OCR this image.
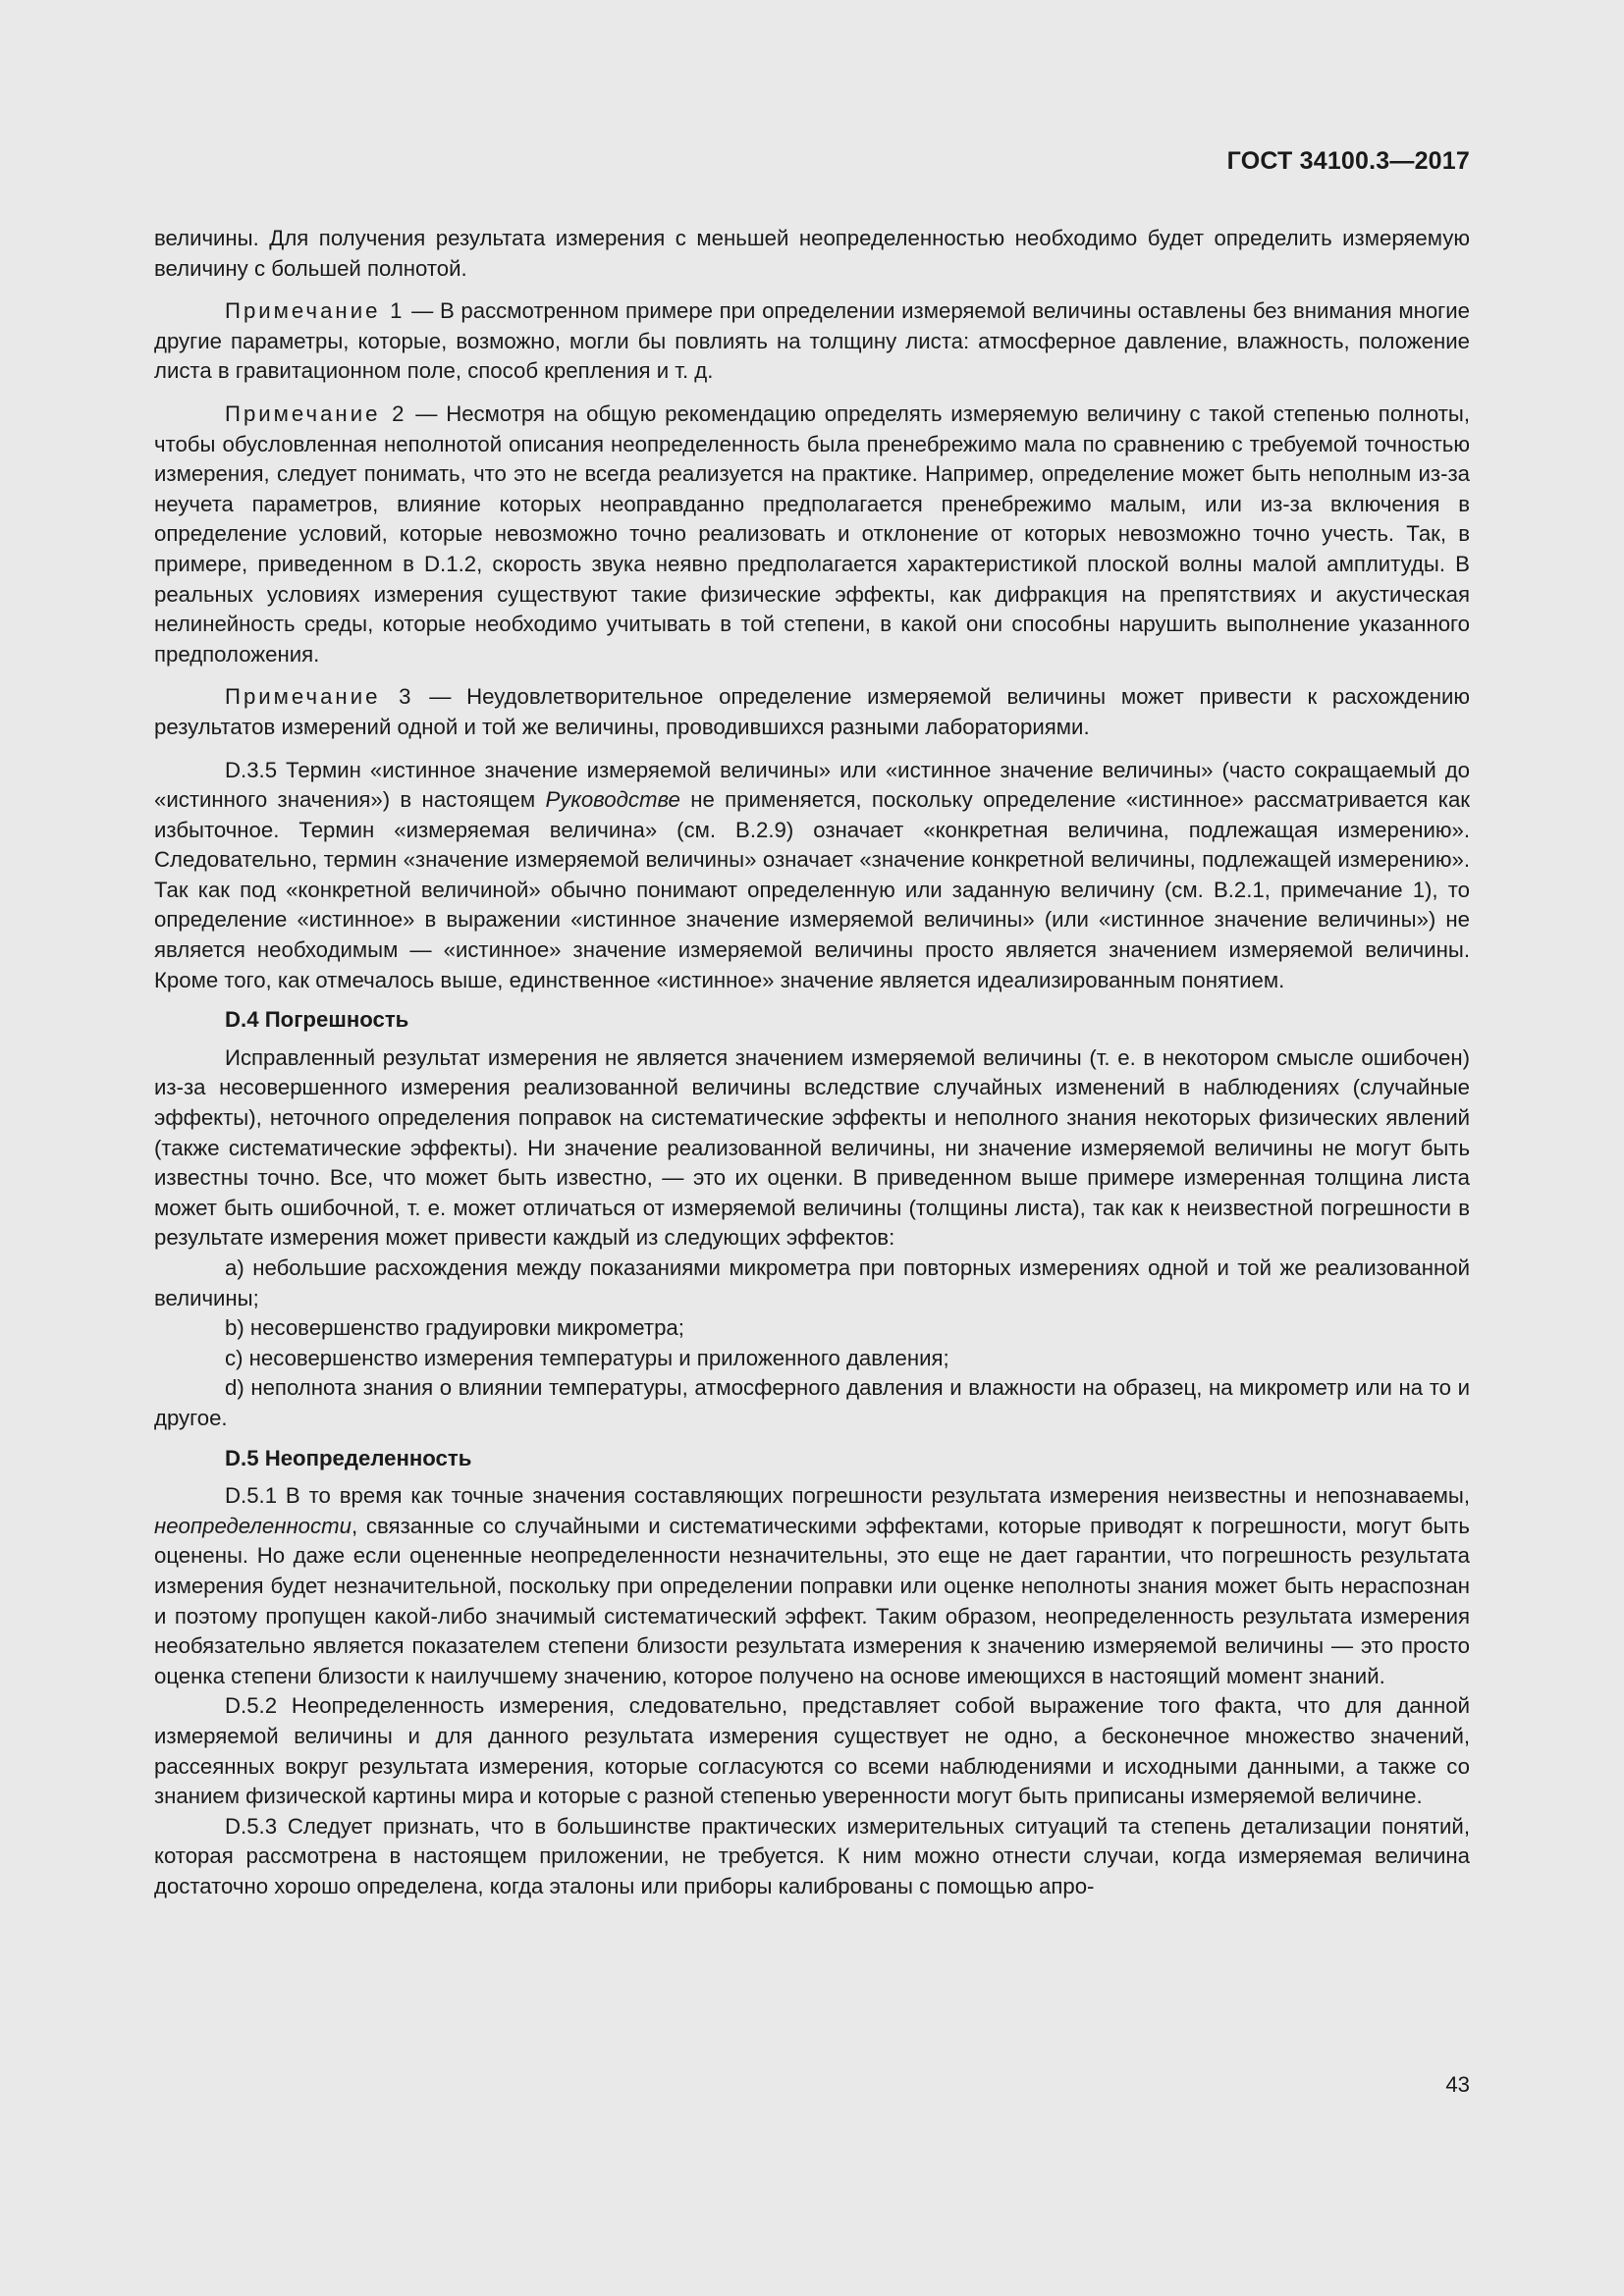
ГОСТ 34100.3—2017

величины. Для получения результата измерения с меньшей неопределенностью необходимо будет определить измеряемую величину с большей полнотой.

Примечание 1 — В рассмотренном примере при определении измеряемой величины оставлены без внимания многие другие параметры, которые, возможно, могли бы повлиять на толщину листа: атмосферное давление, влажность, положение листа в гравитационном поле, способ крепления и т. д.

Примечание 2 — Несмотря на общую рекомендацию определять измеряемую величину с такой степенью полноты, чтобы обусловленная неполнотой описания неопределенность была пренебрежимо мала по сравнению с требуемой точностью измерения, следует понимать, что это не всегда реализуется на практике. Например, определение может быть неполным из-за неучета параметров, влияние которых неоправданно предполагается пренебрежимо малым, или из-за включения в определение условий, которые невозможно точно реализовать и отклонение от которых невозможно точно учесть. Так, в примере, приведенном в D.1.2, скорость звука неявно предполагается характеристикой плоской волны малой амплитуды. В реальных условиях измерения существуют такие физические эффекты, как дифракция на препятствиях и акустическая нелинейность среды, которые необходимо учитывать в той степени, в какой они способны нарушить выполнение указанного предположения.

Примечание 3 — Неудовлетворительное определение измеряемой величины может привести к расхождению результатов измерений одной и той же величины, проводившихся разными лабораториями.

D.3.5 Термин «истинное значение измеряемой величины» или «истинное значение величины» (часто сокращаемый до «истинного значения») в настоящем Руководстве не применяется, поскольку определение «истинное» рассматривается как избыточное. Термин «измеряемая величина» (см. B.2.9) означает «конкретная величина, подлежащая измерению». Следовательно, термин «значение измеряемой величины» означает «значение конкретной величины, подлежащей измерению». Так как под «конкретной величиной» обычно понимают определенную или заданную величину (см. B.2.1, примечание 1), то определение «истинное» в выражении «истинное значение измеряемой величины» (или «истинное значение величины») не является необходимым — «истинное» значение измеряемой величины просто является значением измеряемой величины. Кроме того, как отмечалось выше, единственное «истинное» значение является идеализированным понятием.

D.4 Погрешность

Исправленный результат измерения не является значением измеряемой величины (т. е. в некотором смысле ошибочен) из-за несовершенного измерения реализованной величины вследствие случайных изменений в наблюдениях (случайные эффекты), неточного определения поправок на систематические эффекты и неполного знания некоторых физических явлений (также систематические эффекты). Ни значение реализованной величины, ни значение измеряемой величины не могут быть известны точно. Все, что может быть известно, — это их оценки. В приведенном выше примере измеренная толщина листа может быть ошибочной, т. е. может отличаться от измеряемой величины (толщины листа), так как к неизвестной погрешности в результате измерения может привести каждый из следующих эффектов:

a) небольшие расхождения между показаниями микрометра при повторных измерениях одной и той же реализованной величины;

b) несовершенство градуировки микрометра;

c) несовершенство измерения температуры и приложенного давления;

d) неполнота знания о влиянии температуры, атмосферного давления и влажности на образец, на микрометр или на то и другое.

D.5 Неопределенность

D.5.1 В то время как точные значения составляющих погрешности результата измерения неизвестны и непознаваемы, неопределенности, связанные со случайными и систематическими эффектами, которые приводят к погрешности, могут быть оценены. Но даже если оцененные неопределенности незначительны, это еще не дает гарантии, что погрешность результата измерения будет незначительной, поскольку при определении поправки или оценке неполноты знания может быть нераспознан и поэтому пропущен какой-либо значимый систематический эффект. Таким образом, неопределенность результата измерения необязательно является показателем степени близости результата измерения к значению измеряемой величины — это просто оценка степени близости к наилучшему значению, которое получено на основе имеющихся в настоящий момент знаний.

D.5.2 Неопределенность измерения, следовательно, представляет собой выражение того факта, что для данной измеряемой величины и для данного результата измерения существует не одно, а бесконечное множество значений, рассеянных вокруг результата измерения, которые согласуются со всеми наблюдениями и исходными данными, а также со знанием физической картины мира и которые с разной степенью уверенности могут быть приписаны измеряемой величине.

D.5.3 Следует признать, что в большинстве практических измерительных ситуаций та степень детализации понятий, которая рассмотрена в настоящем приложении, не требуется. К ним можно отнести случаи, когда измеряемая величина достаточно хорошо определена, когда эталоны или приборы калиброваны с помощью апро-

43
